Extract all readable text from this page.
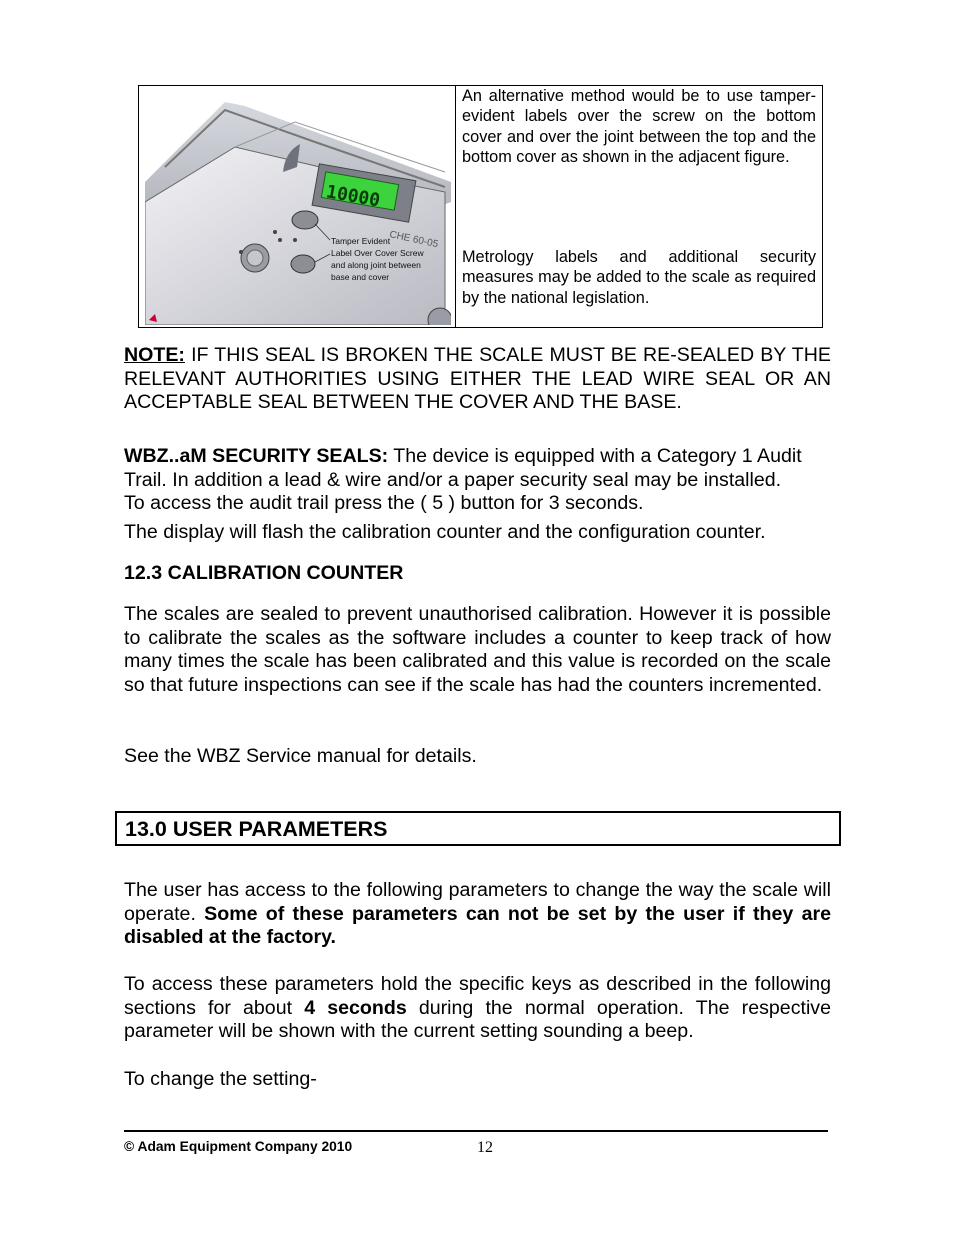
10000
CHE 60-05
Tamper Evident
Label Over Cover Screw
and along joint between
base and cover
An alternative method would be to use tamper-evident labels over the screw on the bottom cover and over the joint between the top and the bottom cover as shown in the adjacent figure.
Metrology labels and additional security measures may be added to the scale as required by the national legislation.
NOTE: IF THIS SEAL IS BROKEN THE SCALE MUST BE RE-SEALED BY THE RELEVANT AUTHORITIES USING EITHER THE LEAD WIRE SEAL OR AN ACCEPTABLE SEAL BETWEEN THE COVER AND THE BASE.
WBZ..aM SECURITY SEALS: The device is equipped with a Category 1 Audit Trail. In addition a lead & wire and/or a paper security seal may be installed. To access the audit trail press the ( 5 ) button for 3 seconds.
The display will flash the calibration counter and the configuration counter.
12.3 CALIBRATION COUNTER
The scales are sealed to prevent unauthorised calibration. However it is possible to calibrate the scales as the software includes a counter to keep track of how many times the scale has been calibrated and this value is recorded on the scale so that future inspections can see if the scale has had the counters incremented.
See the WBZ Service manual for details.
13.0 USER PARAMETERS
The user has access to the following parameters to change the way the scale will operate. Some of these parameters can not be set by the user if they are disabled at the factory.
To access these parameters hold the specific keys as described in the following sections for about 4 seconds during the normal operation. The respective parameter will be shown with the current setting sounding a beep.
To change the setting-
© Adam Equipment Company 2010	12
